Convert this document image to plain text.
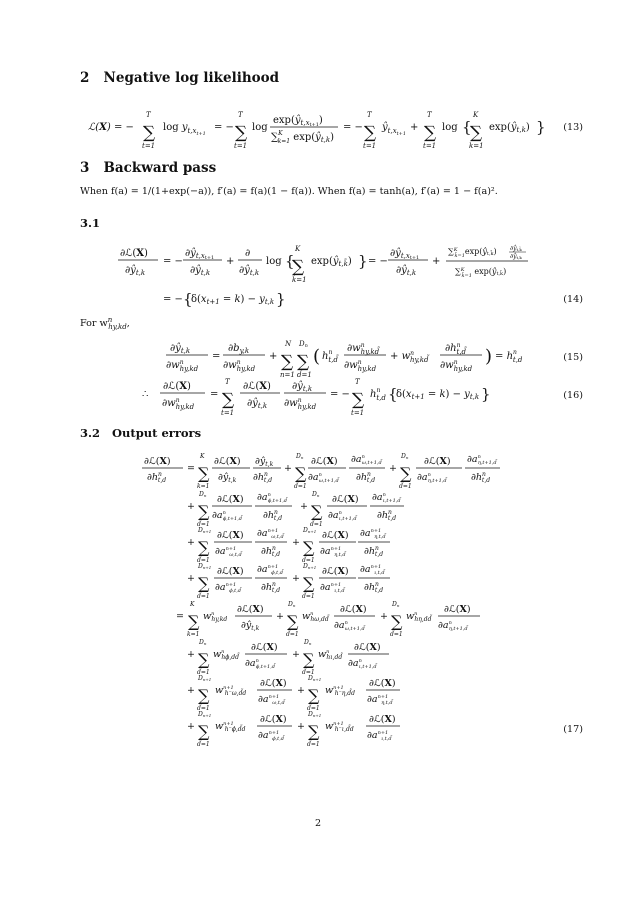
2 Negative log likelihood
ℒ(X) = − ∑
T
t=1
$\log y_{t,xt+1}$
= − ∑
T
t=1
log
$\exp(ŷ_{t,x}t+1)$
∑$^K$ k=1 $\exp(ŷ_{t,k})$
= − ∑
T
t=1
$ŷ_{t,xt+1}$
+ ∑
T
t=1
log {
∑
K
k=1
$\exp(ŷ_{t,k})$ } (13)
3 Backward pass
When f(a) = 1/(1+exp(−a)), f′(a) = f(a)(1 − f(a)). When f(a) = tanh(a), f′(a) = 1 − f(a)².
3.1
∂ℒ(X)
$\partial ŷ_{t,k}$
= −
$\partial ŷ_{t,x}t+1$
$\partial ŷ_{t,k}$
+
∂
$\partial ŷ_{t,k}$
log {
∑
K
k̃=1
$\exp(ŷ_{t,k̃})$ } = −
$\partial ŷ_{t,x}t+1$
$\partial ŷ_{t,k}$
+
∑$^K$ k̃=1exp(ŷt,k̃) ∂ŷt,k̃
∂ŷt,k
∑$^K$ k̃=1 exp(ŷt,k̃)
= − {
$\delta(x_{t+1} = k) - y_{t,k}$ }	(14)
For $w^n_{hy,kd}$,
$\partial ŷ_{t,k}$
$\partial w^n$ hy,kd
=
$\partial b_{y,k}$
$\partial w^n$ hy,kd
+ ∑
N
n=1
∑
Dn
d̃=1
( $h^n$ t,d̃
$\partial w^n$ hy,kd̃
$\partial w^n$ hy,kd
+ $w^n$ hy,kd̃
$\partial h^n$ t,d̃
$\partial w^n$ hy,kd
) = $h^n$ t,d	(15)
∴
∂ℒ(X)
$\partial w^n$ hy,kd
= ∑
T
t=1
∂ℒ(X)
$\partial ŷ_{t,k}$
$\partial ŷ_{t,k}$
$\partial w^n$ hy,kd
= − ∑
T
t=1
$h^n$ t,d {
$\delta(x_{t+1} = k) - y_{t,k}$ }	(16)
3.2 Output errors
∂ℒ(X)
$\partial h^n$ t,d
= ∑
K
k=1
∂ℒ(X)
$\partial ŷ_{t,k}$
$\partial ŷ_{t,k}$
$\partial h^n$ t,d
+ ∑
Dn
d̃=1
∂ℒ(X)
$\partial a^n$ ω,t+1,d̃
$\partial a^n$ ω,t+1,d̃
$\partial h^n$ t,d
+ ∑
Dn
d̃=1
∂ℒ(X)
$\partial a^n$ η,t+1,d̃
$\partial a^n$ η,t+1,d̃
$\partial h^n$ t,d
+ ∑
Dn
d̃=1
∂ℒ(X)
$\partial a^n$ ϕ,t+1,d̃
$\partial a^n$ ϕ,t+1,d̃
$\partial h^n$ t,d
+ ∑
Dn
d̃=1
∂ℒ(X)
$\partial a^n$ ι,t+1,d̃
$\partial a^n$ ι,t+1,d̃
$\partial h^n$ t,d
+ ∑
Dn+1
d̃=1
∂ℒ(X)
$\partial a^{n+1}$ ω,t,d̃
$\partial a^{n+1}$ ω,t,d̃
$\partial h^n$ t,d
+ ∑
Dn+1
d̃=1
∂ℒ(X)
$\partial a^{n+1}$ η,t,d̃
$\partial a^{n+1}$ η,t,d̃
$\partial h^n$ t,d
+ ∑
Dn+1
d̃=1
∂ℒ(X)
$\partial a^{n+1}$ ϕ,t,d̃
$\partial a^{n+1}$ ϕ,t,d̃
$\partial h^n$ t,d
+ ∑
Dn+1
d̃=1
∂ℒ(X)
$\partial a^{n+1}$ ι,t,d̃
$\partial a^{n+1}$ ι,t,d̃
$\partial h^n$ t,d
= ∑
K
k=1
$w^n$ hy,kd
∂ℒ(X)
$\partial ŷ_{t,k}$
+ ∑
Dn
d̃=1
$w^n$ hω,dd̃
∂ℒ(X)
$\partial a^n$ ω,t+1,d̃
+ ∑
Dn
d̃=1
$w^n$ hη,dd̃
∂ℒ(X)
$\partial a^n$ η,t+1,d̃
+ ∑
Dn
d̃=1
$w^n$ hϕ,dd̃
∂ℒ(X)
$\partial a^n$ ϕ,t+1,d̃
+ ∑
Dn
d̃=1
$w^n$ hι,dd̃
∂ℒ(X)
$\partial a^n$ ι,t+1,d̃
+ ∑
Dn+1
d̃=1
$w^{n+1}$ h⁻ω,d̃d
∂ℒ(X)
$\partial a^{n+1}$ ω,t,d̃
+ ∑
Dn+1
d̃=1
$w^{n+1}$ h⁻η,d̃d
∂ℒ(X)
$\partial a^{n+1}$ η,t,d̃
+ ∑
Dn+1
d̃=1
$w^{n+1}$ h⁻ϕ,d̃d
∂ℒ(X)
$\partial a^{n+1}$ ϕ,t,d̃
+ ∑
Dn+1
d̃=1
$w^{n+1}$ h⁻ι,d̃d
∂ℒ(X)
$\partial a^{n+1}$ ι,t,d̃
(17)
2
